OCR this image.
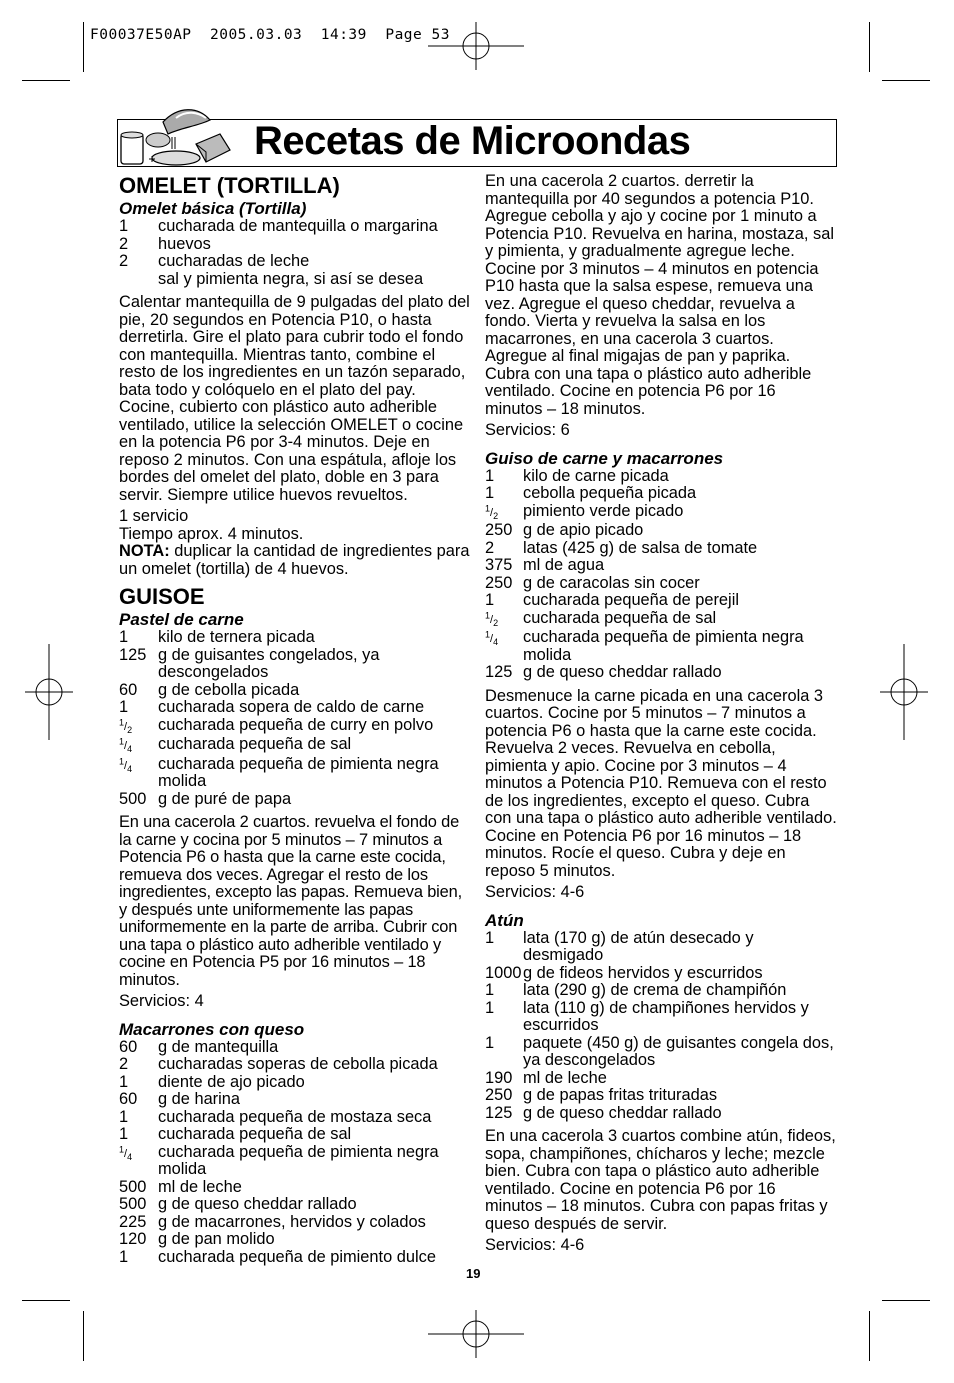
F00037E50AP  2005.03.03  14:39  Page 53
Recetas de Microondas
OMELET (TORTILLA)
Omelet básica (Tortilla)
1	cucharada de mantequilla o margarina
2	huevos
2	cucharadas de leche
sal y pimienta negra, si así se desea

Calentar mantequilla de 9 pulgadas del plato del pie, 20 segundos en Potencia P10, o hasta derretirla. Gire el plato para cubrir todo el fondo con mantequilla. Mientras tanto, combine el resto de los ingredientes en un tazón separado, bata todo y colóquelo en el plato del pay. Cocine, cubierto con plástico auto adherible ventilado, utilice la selección OMELET o cocine en la potencia P6 por 3-4 minutos. Deje en reposo 2 minutos. Con una espátula, afloje los bordes del omelet del plato, doble en 3 para servir. Siempre utilice huevos revueltos.

1 servicio

Tiempo aprox. 4 minutos.

NOTA: duplicar la cantidad de ingredientes para un omelet (tortilla) de 4 huevos.

GUISOE
Pastel de carne
1	kilo de ternera picada
125 g de guisantes congelados, ya descongelados
60	g de cebolla picada
1	cucharada sopera de caldo de carne
$^1/_2$	cucharada pequeña de curry en polvo
$^1/_4$	cucharada pequeña de sal
$^1/_4$	cucharada pequeña de pimienta negra molida
500 g de puré de papa

En una cacerola 2 cuartos. revuelva el fondo de la carne y cocina por 5 minutos – 7 minutos a Potencia P6 o hasta que la carne este cocida, remueva dos veces. Agregar el resto de los ingredientes, excepto las papas. Remueva bien, y después unte uniformemente las papas uniformemente en la parte de arriba. Cubrir con una tapa o plástico auto adherible ventilado y cocine en Potencia P5 por 16 minutos – 18 minutos.

Servicios: 4

Macarrones con queso
60	g de mantequilla
2	cucharadas soperas de cebolla picada
1	diente de ajo picado
60	g de harina
1	cucharada pequeña de mostaza seca
1	cucharada pequeña de sal
$^1/_4$	cucharada pequeña de pimienta negra molida
500 ml de leche
500 g de queso cheddar rallado
225 g de macarrones, hervidos y colados
120 g de pan molido
1	cucharada pequeña de pimiento dulce

En una cacerola 2 cuartos. derretir la mantequilla por 40 segundos a potencia P10. Agregue cebolla y ajo y cocine por 1 minuto a Potencia P10. Revuelva en harina, mostaza, sal y pimienta, y gradualmente agregue leche. Cocine por 3 minutos – 4 minutos en potencia P10 hasta que la salsa espese, remueva una vez. Agregue el queso cheddar, revuelva a fondo. Vierta y revuelva la salsa en los macarrones, en una cacerola 3 cuartos. Agregue al final migajas de pan y paprika. Cubra con una tapa o plástico auto adherible ventilado. Cocine en potencia P6 por 16 minutos – 18 minutos.

Servicios: 6

Guiso de carne y macarrones
1	kilo de carne picada
1	cebolla pequeña picada
$^1/_2$	pimiento verde picado
250 g de apio picado
2	latas (425 g) de salsa de tomate
375 ml de agua
250 g de caracolas sin cocer
1	cucharada pequeña de perejil
$^1/_2$	cucharada pequeña de sal
$^1/_4$	cucharada pequeña de pimienta negra molida
125 g de queso cheddar rallado

Desmenuce la carne picada en una cacerola 3 cuartos. Cocine por 5 minutos – 7 minutos a potencia P6 o hasta que la carne este cocida. Revuelva 2 veces. Revuelva en cebolla, pimienta y apio. Cocine por 3 minutos – 4 minutos a Potencia P10. Remueva con el resto de los ingredientes, excepto el queso. Cubra con una tapa o plástico auto adherible ventilado. Cocine en Potencia P6 por 16 minutos – 18 minutos. Rocíe el queso. Cubra y deje en reposo 5 minutos.

Servicios: 4-6

Atún
1	lata (170 g) de atún desecado y desmigado
1000 g de fideos hervidos y escurridos
1	lata (290 g) de crema de champiñón
1	lata (110 g) de champiñones hervidos y escurridos
1	paquete (450 g) de guisantes congela dos, ya descongelados
190 ml de leche
250 g de papas fritas trituradas
125 g de queso cheddar rallado

En una cacerola 3 cuartos combine atún, fideos, sopa, champiñones, chícharos y leche; mezcle bien. Cubra con tapa o plástico auto adherible ventilado. Cocine en potencia P6 por 16 minutos – 18 minutos. Cubra con papas fritas y queso después de servir.

Servicios: 4-6

19
